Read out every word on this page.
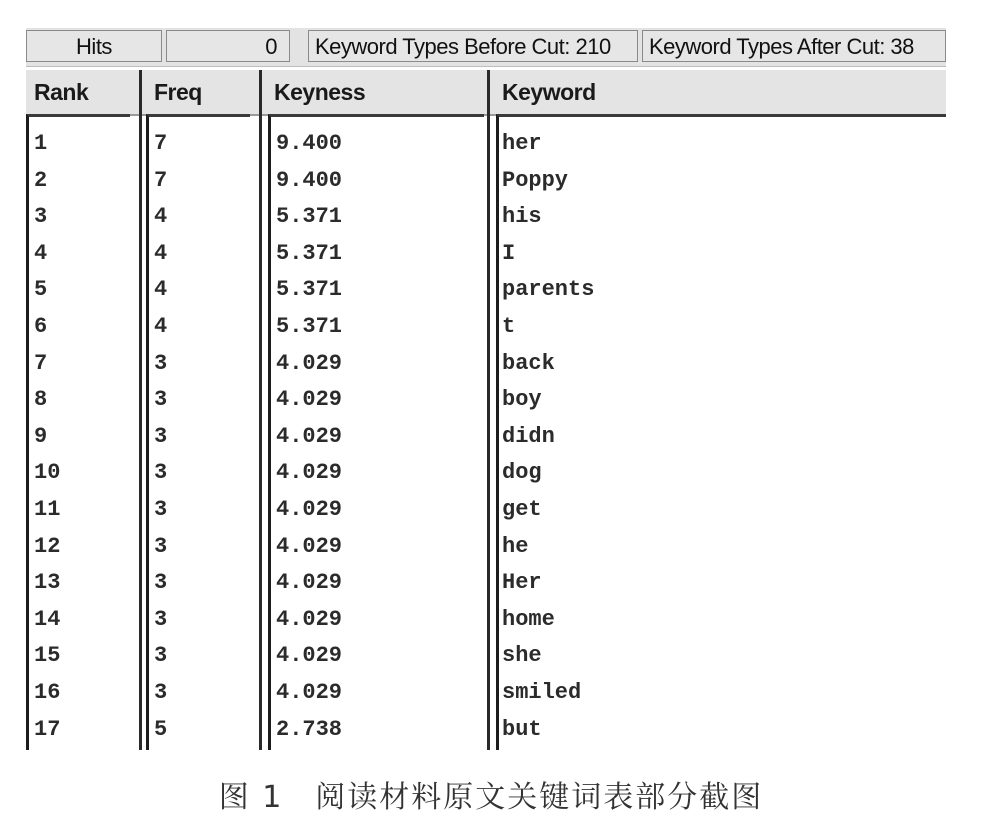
Hits	0	Keyword Types Before Cut: 210	Keyword Types After Cut: 38
Rank	Freq	Keyness	Keyword
1	7	9.400	her
2	7	9.400	Poppy
3	4	5.371	his
4	4	5.371	I
5	4	5.371	parents
6	4	5.371	t
7	3	4.029	back
8	3	4.029	boy
9	3	4.029	didn
10	3	4.029	dog
11	3	4.029	get
12	3	4.029	he
13	3	4.029	Her
14	3	4.029	home
15	3	4.029	she
16	3	4.029	smiled
17	5	2.738	but
图 1　阅读材料原文关键词表部分截图
